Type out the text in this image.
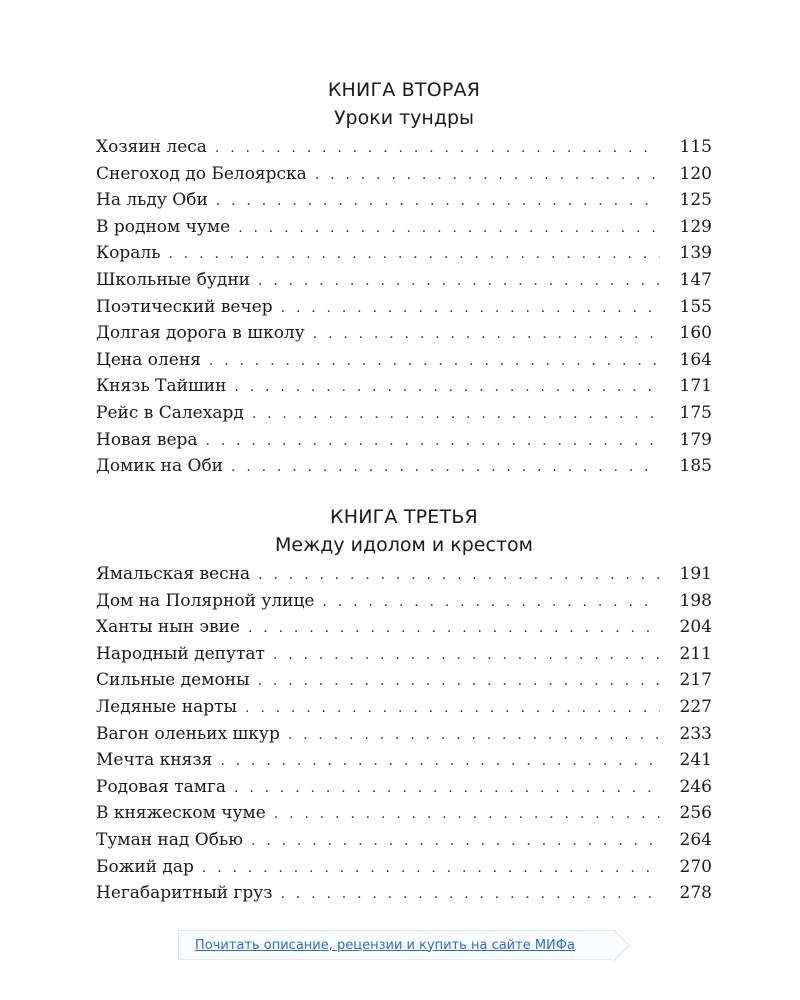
КНИГА ВТОРАЯ
Уроки тундры
Хозяин леса . . .	115
Снегоход до Белоярска . . .	120
На льду Оби . . .	125
В родном чуме . . .	129
Кораль . . .	139
Школьные будни . . .	147
Поэтический вечер . . .	155
Долгая дорога в школу . . .	160
Цена оленя . . .	164
Князь Тайшин . . .	171
Рейс в Салехард . . .	175
Новая вера . . .	179
Домик на Оби . . .	185
КНИГА ТРЕТЬЯ
Между идолом и крестом
Ямальская весна . . .	191
Дом на Полярной улице . . .	198
Ханты нын эвие . . .	204
Народный депутат . . .	211
Сильные демоны . . .	217
Ледяные нарты . . .	227
Вагон оленьих шкур . . .	233
Мечта князя . . .	241
Родовая тамга . . .	246
В княжеском чуме . . .	256
Туман над Обью . . .	264
Божий дар . . .	270
Негабаритный груз . . .	278
Почитать описание, рецензии и купить на сайте МИФа
